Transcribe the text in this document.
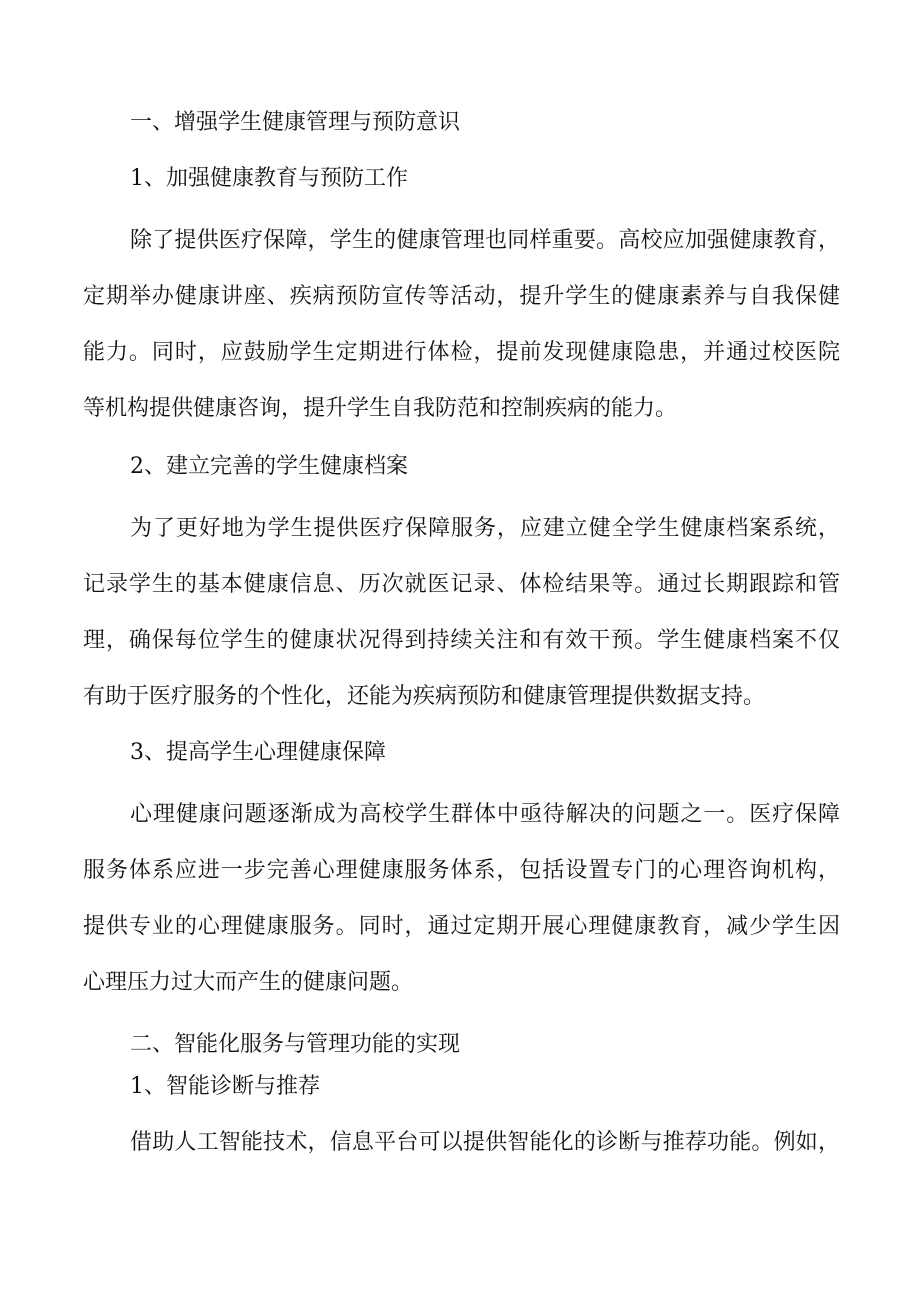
一、增强学生健康管理与预防意识
1、加强健康教育与预防工作
除了提供医疗保障，学生的健康管理也同样重要。高校应加强健康教育，
定期举办健康讲座、疾病预防宣传等活动，提升学生的健康素养与自我保健
能力。同时，应鼓励学生定期进行体检，提前发现健康隐患，并通过校医院
等机构提供健康咨询，提升学生自我防范和控制疾病的能力。
2、建立完善的学生健康档案
为了更好地为学生提供医疗保障服务，应建立健全学生健康档案系统，
记录学生的基本健康信息、历次就医记录、体检结果等。通过长期跟踪和管
理，确保每位学生的健康状况得到持续关注和有效干预。学生健康档案不仅
有助于医疗服务的个性化，还能为疾病预防和健康管理提供数据支持。
3、提高学生心理健康保障
心理健康问题逐渐成为高校学生群体中亟待解决的问题之一。医疗保障
服务体系应进一步完善心理健康服务体系，包括设置专门的心理咨询机构，
提供专业的心理健康服务。同时，通过定期开展心理健康教育，减少学生因
心理压力过大而产生的健康问题。
二、智能化服务与管理功能的实现
1、智能诊断与推荐
借助人工智能技术，信息平台可以提供智能化的诊断与推荐功能。例如，
